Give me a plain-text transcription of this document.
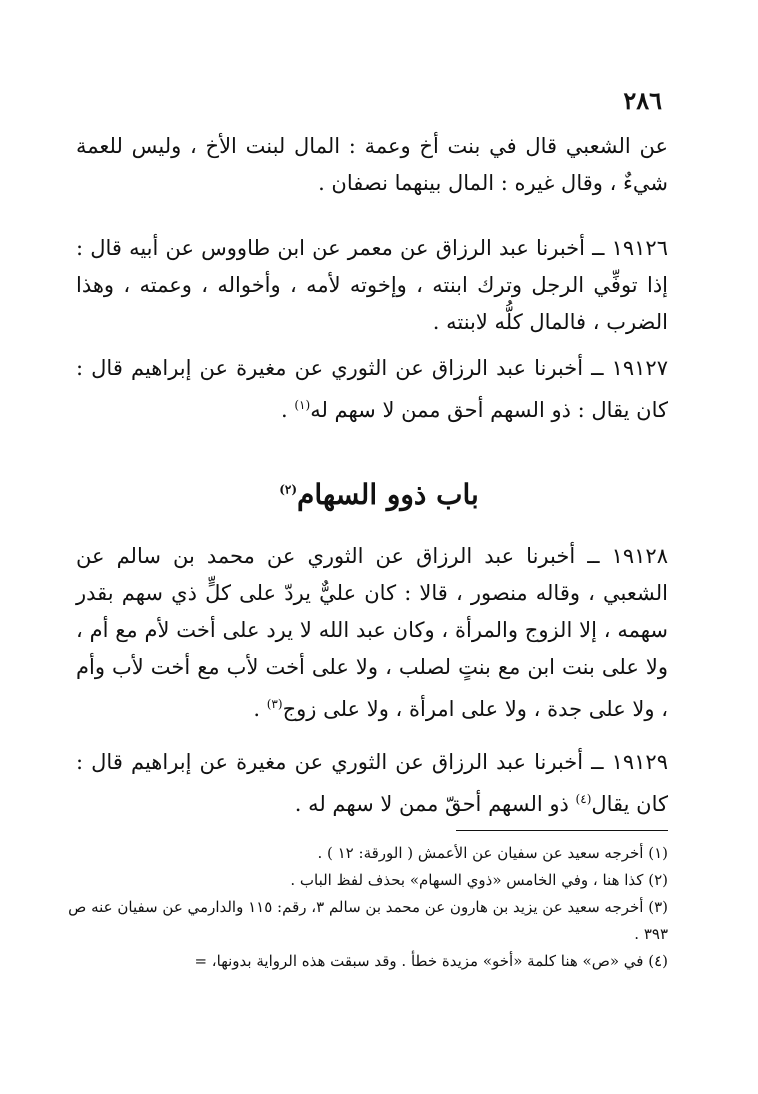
٢٨٦

عن الشعبي قال في بنت أخ وعمة : المال لبنت الأخ ، وليس للعمة شيءٌ ، وقال غيره : المال بينهما نصفان .

١٩١٢٦ ــ أخبرنا عبد الرزاق عن معمر عن ابن طاووس عن أبيه قال : إذا توفِّي الرجل وترك ابنته ، وإخوته لأمه ، وأخواله ، وعمته ، وهذا الضرب ، فالمال كلُّه لابنته .

١٩١٢٧ ــ أخبرنا عبد الرزاق عن الثوري عن مغيرة عن إبراهيم قال : كان يقال : ذو السهم أحق ممن لا سهم له$^{(١)}$ .

باب ذوو السهام$^{(٢)}$

١٩١٢٨ ــ أخبرنا عبد الرزاق عن الثوري عن محمد بن سالم عن الشعبي ، وقاله منصور ، قالا : كان عليٌّ يردّ على كلٍّ ذي سهم بقدر سهمه ، إلا الزوج والمرأة ، وكان عبد الله لا يرد على أخت لأم مع أم ، ولا على بنت ابن مع بنتٍ لصلب ، ولا على أخت لأب مع أخت لأب وأم ، ولا على جدة ، ولا على امرأة ، ولا على زوج$^{(٣)}$ .

١٩١٢٩ ــ أخبرنا عبد الرزاق عن الثوري عن مغيرة عن إبراهيم قال : كان يقال$^{(٤)}$ ذو السهم أحقّ ممن لا سهم له .

(١) أخرجه سعيد عن سفيان عن الأعمش ( الورقة: ١٢ ) .

(٢) كذا هنا ، وفي الخامس «ذوي السهام» بحذف لفظ الباب .

(٣) أخرجه سعيد عن يزيد بن هارون عن محمد بن سالم ٣، رقم: ١١٥ والدارمي عن سفيان عنه ص ٣٩٣ .

(٤) في «ص» هنا كلمة «أخو» مزيدة خطأ . وقد سبقت هذه الرواية بدونها، =
